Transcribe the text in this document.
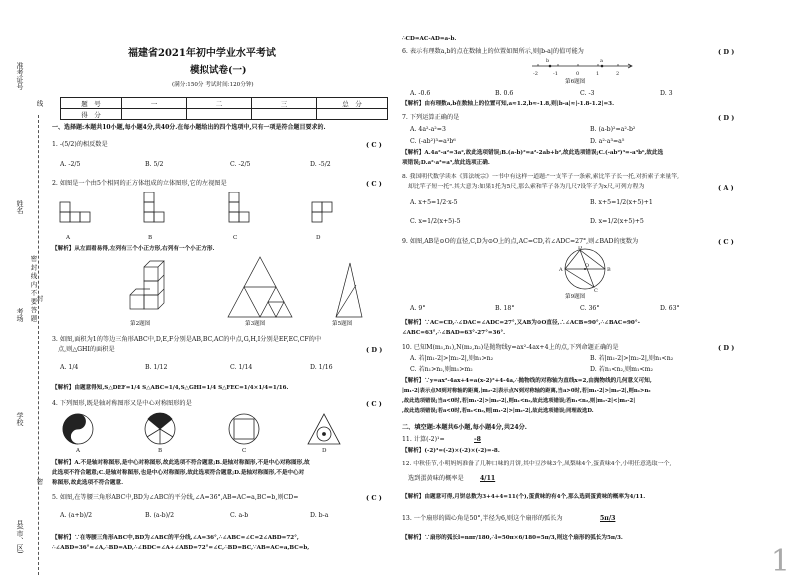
准考证号
姓名
考场
学校
县(市、区)
密 封 线 内 不 要 答 题
线
封
密
福建省2021年初中学业水平考试
模拟试卷(一)
(满分:150分 考试时间:120分钟)
题　号	一	二	三	总　分
得　分				
一、选择题:本题共10小题,每小题4分,共40分.在每小题给出的四个选项中,只有一项是符合题目要求的.
1. -(5/2)的相反数是	( C )
A. -2/5	B. 5/2	C. -2/5	D. -5/2
2. 如图是一个由5个相同的正方体组成的立体图形,它的左视图是	( C )
A	B	C	D
【解析】从左面看易得,左列有三个小正方形,右列有一个小正方形.
第2题图	第3题图	第5题图
3. 如图,面积为1的等边三角形ABC中,D,E,F分别是AB,BC,AC的中点,G,H,I分别是EF,EC,CF的中
点,则△GHI的面积是	( D )
A. 1/4	B. 1/12	C. 1/14	D. 1/16
【解析】由题意得知,S△DEF=1/4 S△ABC=1/4,S△GHI=1/4 S△FEC=1/4×1/4=1/16.
4. 下列图形,既是轴对称图形又是中心对称图形的是	( C )
A	B	C	D
【解析】A.不是轴对称图形,是中心对称图形,故此选项不符合题意;B.是轴对称图形,不是中心对称图形,故
此选项不符合题意;C.是轴对称图形,也是中心对称图形,故此选项符合题意;D.是轴对称图形,不是中心对
称图形,故此选项不符合题意.
5. 如图,在等腰三角形ABC中,BD为∠ABC的平分线,∠A=36°,AB=AC=a,BC=b,则CD=	( C )
A. (a+b)/2	B. (a-b)/2	C. a-b	D. b-a
【解析】∵在等腰三角形ABC中,BD为∠ABC的平分线,∠A=36°,∴∠ABC=∠C=2∠ABD=72°,
∴∠ABD=36°=∠A,∴BD=AD,∴∠BDC=∠A+∠ABD=72°=∠C,∴BD=BC,∵AB=AC=a,BC=b,
∴CD=AC-AD=a-b.
6. 表示有理数a,b的点在数轴上的位置如图所示,则|b-a|的值可能为	( D )
b	a
-2	-1	0	1	2
第6题图
A. -0.6	B. 0.6	C. -3	D. 3
【解析】由有理数a,b在数轴上的位置可知,a≈1.2,b≈-1.8,则|b-a|≈|-1.8-1.2|=3.
7. 下列运算正确的是	( D )
A. 4a²-a²=3	B. (a-b)²=a²-b²
C. (-ab²)³=a³b⁶	D. a²·a³=a⁵
【解析】A.4a²-a²=3a²,故此选项错误;B.(a-b)²=a²-2ab+b²,故此选项错误;C.(-ab²)³=-a³b⁶,故此选
项错误;D.a²·a³=a⁵,故此选项正确.
8. 我国明代数学读本《算法统宗》一书中有这样一道题:"一支竿子一条索,索比竿子长一托,对折索子来量竿,
却比竿子短一托".其大意为:如果1托为5尺,那么索和竿子各为几尺?设竿子为x尺,可列方程为	( A )
A. x+5=1/2·x-5	B. x+5=1/2(x+5)+1
C. x=1/2(x+5)-5	D. x=1/2(x+5)+5
9. 如图,AB是⊙O的直径,C,D为⊙O上的点,AC=CD,若∠ADC=27°,则∠BAD的度数为	( C )
A	B
D
C
O
第9题图
A. 9°	B. 18°	C. 36°	D. 63°
【解析】∵AC=CD,∴∠DAC=∠ADC=27°,又AB为⊙O直径,∴∠ACB=90°,∴∠BAC=90°-
∠ABC=63°,∴∠BAD=63°-27°=36°.
10. 已知M(m₁,n₁),N(m₂,n₂)是抛物线y=ax²-4ax+4上的点,下列命题正确的是	( D )
A. 若|m₁-2|>|m₂-2|,则n₁>n₂	B. 若|m₁-2|>|m₂-2|,则n₁<n₂
C. 若n₁>n₂,则m₁>m₂	D. 若n₁<n₂,则m₁<m₂
【解析】∵y=ax²-4ax+4=a(x-2)²+4-4a,∴抛物线的对称轴为直线x=2,由抛物线的几何意义可知,
|m₁-2|表示点M到对称轴的距离,|m₂-2|表示点N到对称轴的距离,当a>0时,若|m₁-2|>|m₂-2|,则n₁>n₂
,故此选项错误;当a<0时,若|m₁-2|>|m₂-2|,则n₁<n₂,故此选项错误;若n₁<n₂,则|m₁-2|<|m₂-2|
,故此选项错误;若a<0时,若n₁<n₂,则|m₁-2|>|m₂-2|,故此选项错误;同理故选D.
二、填空题:本题共6小题,每小题4分,共24分.
11. 计算(-2)¹=	-8
【解析】(-2)³=(-2)×(-2)×(-2)=-8.
12. 中秋佳节,小明妈妈准备了几种口味的月饼,其中豆沙味3个,凤梨味4个,蛋黄味4个,小明任意选取一个,
选到蛋黄味的概率是	4/11
【解析】由题意可得,月饼总数为3+4+4=11(个),蛋黄味的有4个,那么选到蛋黄味的概率为4/11.
13. 一个扇形的圆心角是50°,半径为6,则这个扇形的弧长为	5π/3
【解析】∵扇形的弧长l=nπr/180,∴l=50π×6/180=5π/3,则这个扇形的弧长为5π/3.
1
